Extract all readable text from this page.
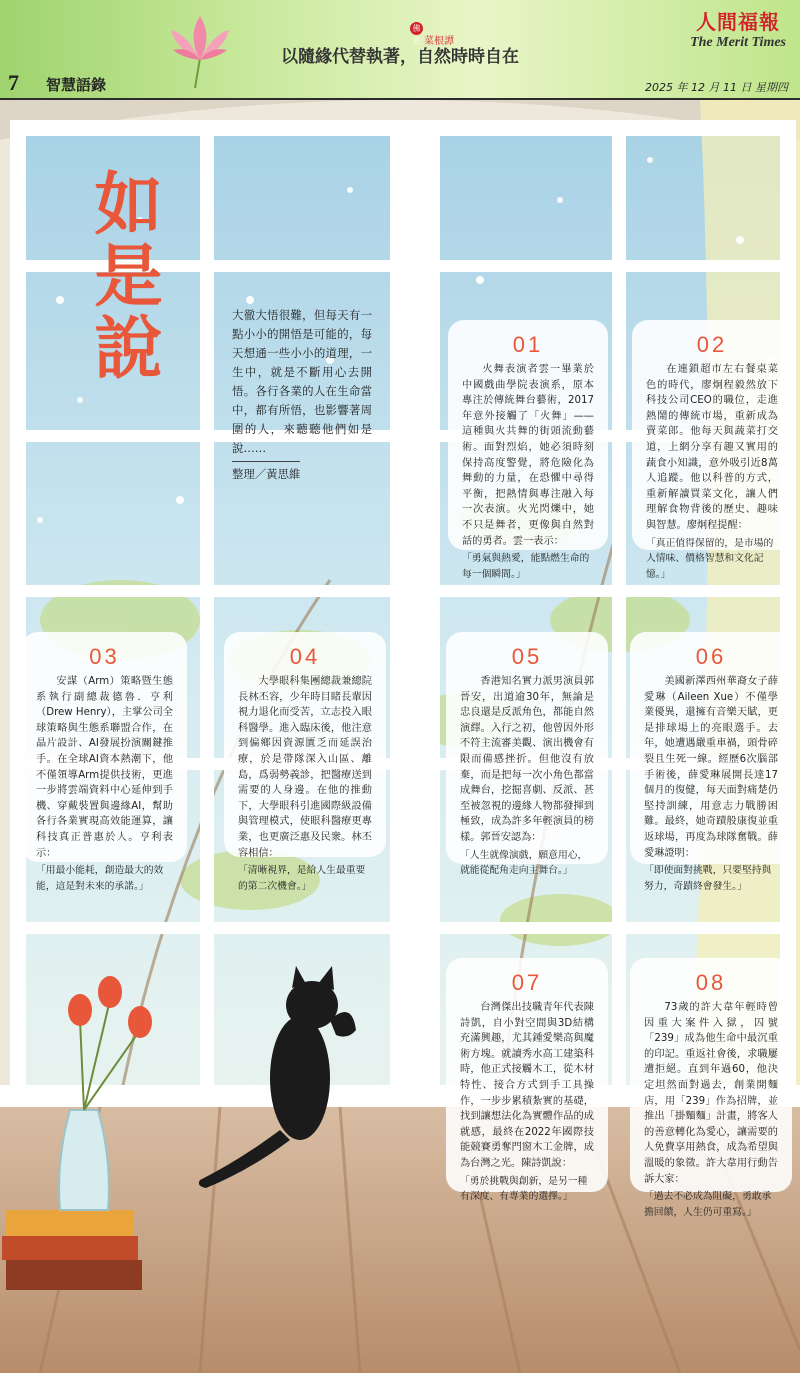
佛光 菜根譚
以隨緣代替執著，自然時時自在
人間福報
The Merit Times
7 智慧語錄	2025 年 12 月 11 日 星期四
如是說	大徹大悟很難，但每天有一點小小的開悟是可能的，每天想通一些小小的道理，一生中，就是不斷用心去開悟。各行各業的人在生命當中，都有所悟，也影響著周圍的人，來聽聽他們如是說……
整理／黃思維
01
火舞表演者雲一畢業於中國戲曲學院表演系，原本專注於傳統舞台藝術，2017年意外接觸了「火舞」——這種與火共舞的街頭流動藝術。面對烈焰，她必須時刻保持高度警覺，將危險化為舞動的力量，在恐懼中尋得平衡，把熱情與專注融入每一次表演。火光閃爍中，她不只是舞者，更像與自然對話的勇者。雲一表示：
「勇氣與熱愛，能點燃生命的每一個瞬間。」
02
在連鎖超市左右餐桌菜色的時代，廖炯程毅然放下科技公司CEO的職位，走進熱鬧的傳統市場，重新成為賣菜郎。他每天與蔬菜打交道，上網分享有趣又實用的蔬食小知識，意外吸引近8萬人追蹤。他以科普的方式，重新解讀買菜文化，讓人們理解食物背後的歷史、趣味與智慧。廖炯程提醒：
「真正值得保留的，是市場的人情味、價格智慧和文化記憶。」
03
安謀（Arm）策略暨生態系執行副總裁德魯．亨利（Drew Henry），主掌公司全球策略與生態系聯盟合作，在晶片設計、AI發展扮演關鍵推手。在全球AI資本熱潮下，他不僅領導Arm提供技術，更進一步將雲端資料中心延伸到手機、穿戴裝置與邊緣AI，幫助各行各業實現高效能運算，讓科技真正普惠於人。亨利表示：
「用最小能耗，創造最大的效能，這是對未來的承諾。」
04
大學眼科集團總裁兼總院長林丕容，少年時目睹長輩因視力退化而受苦，立志投入眼科醫學。進入臨床後，他注意到偏鄉因資源匱乏而延誤治療，於是帶隊深入山區、離島，爲弱勢義診，把醫療送到需要的人身邊。在他的推動下，大學眼科引進國際級設備與管理模式，使眼科醫療更專業，也更廣泛惠及民衆。林丕容相信：
「清晰視界，是給人生最重要的第二次機會。」
05
香港知名實力派男演員郭晉安，出道逾30年，無論是忠良還是反派角色，都能自然演繹。入行之初，他曾因外形不符主流審美觀、演出機會有限而備感挫折。但他沒有放棄，而是把每一次小角色都當成舞台，挖掘喜劇、反派、甚至被忽視的邊緣人物都發揮到極致，成為許多年輕演員的榜樣。郭晉安認為：
「人生就像演戲，願意用心，就能從配角走向主舞台。」
06
美國新澤西州華裔女子薛愛琳（Aileen Xue）不僅學業優異，還擁有音樂天賦，更是排球場上的亮眼選手。去年，她遭遇嚴重車禍，頭骨碎裂且生死一線。經歷6次腦部手術後，薛愛琳展開長達17個月的復健，每天面對痛楚仍堅持訓練，用意志力戰勝困難。最終，她奇蹟般康復並重返球場，再度為球隊奮戰。薛愛琳證明：
「即使面對挑戰，只要堅持與努力，奇蹟終會發生。」
07
台灣傑出技職青年代表陳詩凱，自小對空間與3D結構充滿興趣，尤其鍾愛樂高與魔術方塊。就讀秀水高工建築科時，他正式接觸木工，從木材特性、接合方式到手工具操作，一步步累積紮實的基礎，找到讓想法化為實體作品的成就感，最終在2022年國際技能競賽勇奪門窗木工金牌，成為台灣之光。陳詩凱說：
「勇於挑戰與創新，是另一種有深度、有專業的選擇。」
08
73歲的許大韋年輕時曾因重大案件入獄，囚號「239」成為他生命中最沉重的印記。重返社會後，求職屢遭拒絕。直到年過60，他決定坦然面對過去，創業開麵店，用「239」作為招牌，並推出「掛麵麵」計畫，將客人的善意轉化為愛心，讓需要的人免費享用熱食，成為希望與溫暖的象徵。許大韋用行動告訴大家：
「過去不必成為阻礙，勇敢承擔回饋，人生仍可重寫。」
